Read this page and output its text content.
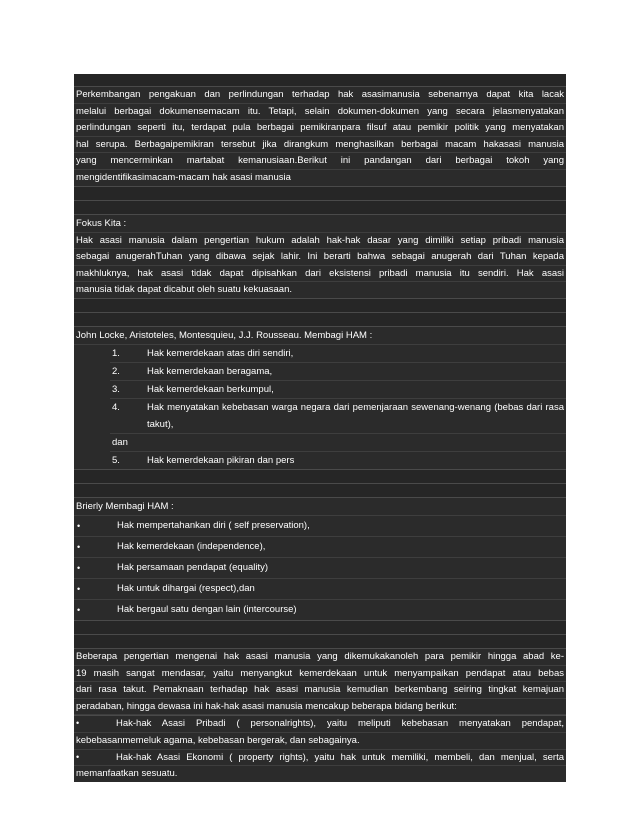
Perkembangan pengakuan dan perlindungan terhadap hak asasimanusia sebenarnya dapat kita lacak
melalui berbagai dokumensemacam itu. Tetapi, selain dokumen-dokumen yang secara jelasmenyatakan
perlindungan seperti itu, terdapat pula berbagai pemikiranpara filsuf atau pemikir politik yang menyatakan
hal serupa. Berbagaipemikiran tersebut jika dirangkum menghasilkan berbagai macam hakasasi manusia
yang mencerminkan martabat kemanusiaan.Berikut ini pandangan dari berbagai tokoh yang
mengidentifikasimacam-macam hak asasi manusia
Fokus Kita :
Hak asasi manusia dalam pengertian hukum adalah hak-hak dasar yang dimiliki setiap pribadi manusia
sebagai anugerahTuhan yang dibawa sejak lahir. Ini berarti bahwa sebagai anugerah dari Tuhan kepada
makhluknya, hak asasi tidak dapat dipisahkan dari eksistensi pribadi manusia itu sendiri. Hak asasi
manusia tidak dapat dicabut oleh suatu kekuasaan.
John Locke, Aristoteles, Montesquieu, J.J. Rousseau. Membagi HAM :
1.	Hak kemerdekaan atas diri sendiri,
2.	Hak kemerdekaan beragama,
3.	Hak kemerdekaan berkumpul,
4.	Hak menyatakan kebebasan warga negara dari pemenjaraan sewenang-wenang (bebas dari rasa takut),
dan
5.	Hak kemerdekaan pikiran dan pers
Brierly Membagi HAM :
•	Hak mempertahankan diri ( self preservation),
•	Hak kemerdekaan (independence),
•	Hak persamaan pendapat (equality)
•	Hak untuk dihargai (respect),dan
•	Hak bergaul satu dengan lain (intercourse)
Beberapa pengertian mengenai hak asasi manusia yang dikemukakanoleh para pemikir hingga abad ke-
19 masih sangat mendasar, yaitu menyangkut kemerdekaan untuk menyampaikan pendapat atau bebas
dari rasa takut. Pemaknaan terhadap hak asasi manusia kemudian berkembang seiring tingkat kemajuan
peradaban, hingga dewasa ini hak-hak asasi manusia mencakup beberapa bidang berikut:
•	Hak-hak Asasi Pribadi ( personalrights), yaitu meliputi kebebasan menyatakan pendapat,
kebebasanmemeluk agama, kebebasan bergerak, dan sebagainya.
•	Hak-hak Asasi Ekonomi ( property rights), yaitu hak untuk memiliki, membeli, dan menjual, serta
memanfaatkan sesuatu.
